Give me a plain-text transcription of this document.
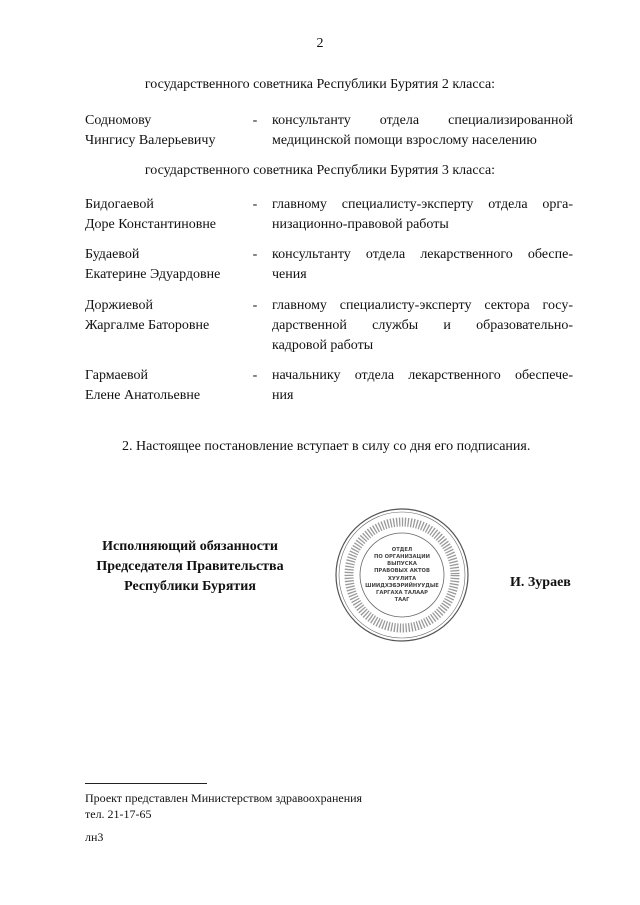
2
государственного советника Республики Бурятия 2 класса:
Содномову
Чингису Валерьевичу
- консультанту отдела специализированной
медицинской помощи взрослому населению
государственного советника Республики Бурятия 3 класса:
Бидогаевой
Доре Константиновне
- главному специалисту-эксперту отдела орга-
низационно-правовой работы
Будаевой
Екатерине Эдуардовне
- консультанту отдела лекарственного обеспе-
чения
Доржиевой
Жаргалме Баторовне
- главному специалисту-эксперту сектора госу-
дарственной службы и образовательно-
кадровой работы
Гармаевой
Елене Анатольевне
- начальнику отдела лекарственного обеспече-
ния
2. Настоящее постановление вступает в силу со дня его подписания.
Исполняющий обязанности
Председателя Правительства
Республики Бурятия
ОТДЕЛ
ПО ОРГАНИЗАЦИИ
ВЫПУСКА
ПРАВОВЫХ АКТОВ
ХУУЛИТА
ШИИДХЭБЭРИЙНУУДЫЕ
ГАРГАХА ТАЛААР
ТААГ
И. Зураев
Проект представлен Министерством здравоохранения
тел. 21-17-65
лн3
